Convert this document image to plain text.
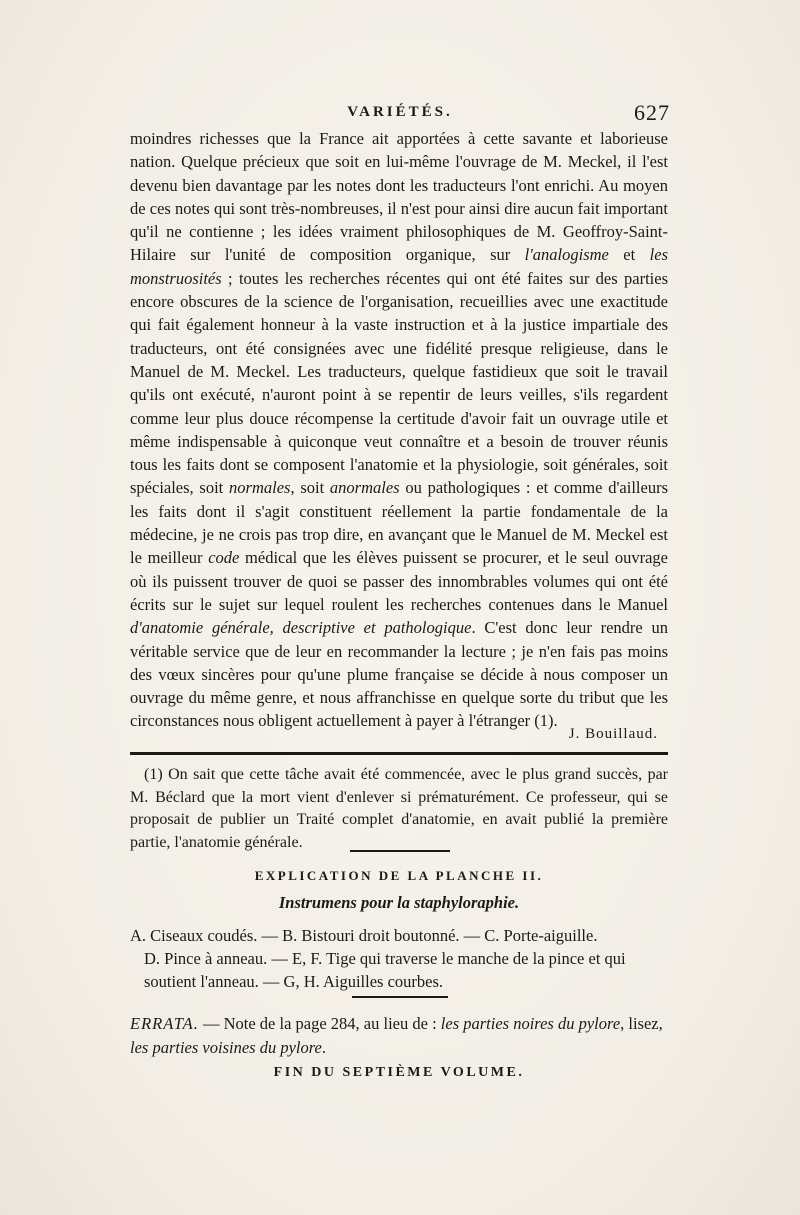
VARIÉTÉS.	627

moindres richesses que la France ait apportées à cette savante et laborieuse nation. Quelque précieux que soit en lui-même l'ouvrage de M. Meckel, il l'est devenu bien davantage par les notes dont les traducteurs l'ont enrichi. Au moyen de ces notes qui sont très-nombreuses, il n'est pour ainsi dire aucun fait important qu'il ne contienne ; les idées vraiment philosophiques de M. Geoffroy-Saint-Hilaire sur l'unité de composition organique, sur l'analogisme et les monstruosités ; toutes les recherches récentes qui ont été faites sur des parties encore obscures de la science de l'organisation, recueillies avec une exactitude qui fait également honneur à la vaste instruction et à la justice impartiale des traducteurs, ont été consignées avec une fidélité presque religieuse, dans le Manuel de M. Meckel. Les traducteurs, quelque fastidieux que soit le travail qu'ils ont exécuté, n'auront point à se repentir de leurs veilles, s'ils regardent comme leur plus douce récompense la certitude d'avoir fait un ouvrage utile et même indispensable à quiconque veut connaître et a besoin de trouver réunis tous les faits dont se composent l'anatomie et la physiologie, soit générales, soit spéciales, soit normales, soit anormales ou pathologiques : et comme d'ailleurs les faits dont il s'agit constituent réellement la partie fondamentale de la médecine, je ne crois pas trop dire, en avançant que le Manuel de M. Meckel est le meilleur code médical que les élèves puissent se procurer, et le seul ouvrage où ils puissent trouver de quoi se passer des innombrables volumes qui ont été écrits sur le sujet sur lequel roulent les recherches contenues dans le Manuel d'anatomie générale, descriptive et pathologique. C'est donc leur rendre un véritable service que de leur en recommander la lecture ; je n'en fais pas moins des vœux sincères pour qu'une plume française se décide à nous composer un ouvrage du même genre, et nous affranchisse en quelque sorte du tribut que les circonstances nous obligent actuellement à payer à l'étranger (1).

J. Bouillaud.
(1) On sait que cette tâche avait été commencée, avec le plus grand succès, par M. Béclard que la mort vient d'enlever si prématurément. Ce professeur, qui se proposait de publier un Traité complet d'anatomie, en avait publié la première partie, l'anatomie générale.
EXPLICATION DE LA PLANCHE II.
Instrumens pour la staphyloraphie.
A. Ciseaux coudés. — B. Bistouri droit boutonné. — C. Porte-aiguille.
D. Pince à anneau. — E, F. Tige qui traverse le manche de la pince et qui soutient l'anneau. — G, H. Aiguilles courbes.
ERRATA. — Note de la page 284, au lieu de : les parties noires du pylore, lisez, les parties voisines du pylore.
FIN DU SEPTIÈME VOLUME.
